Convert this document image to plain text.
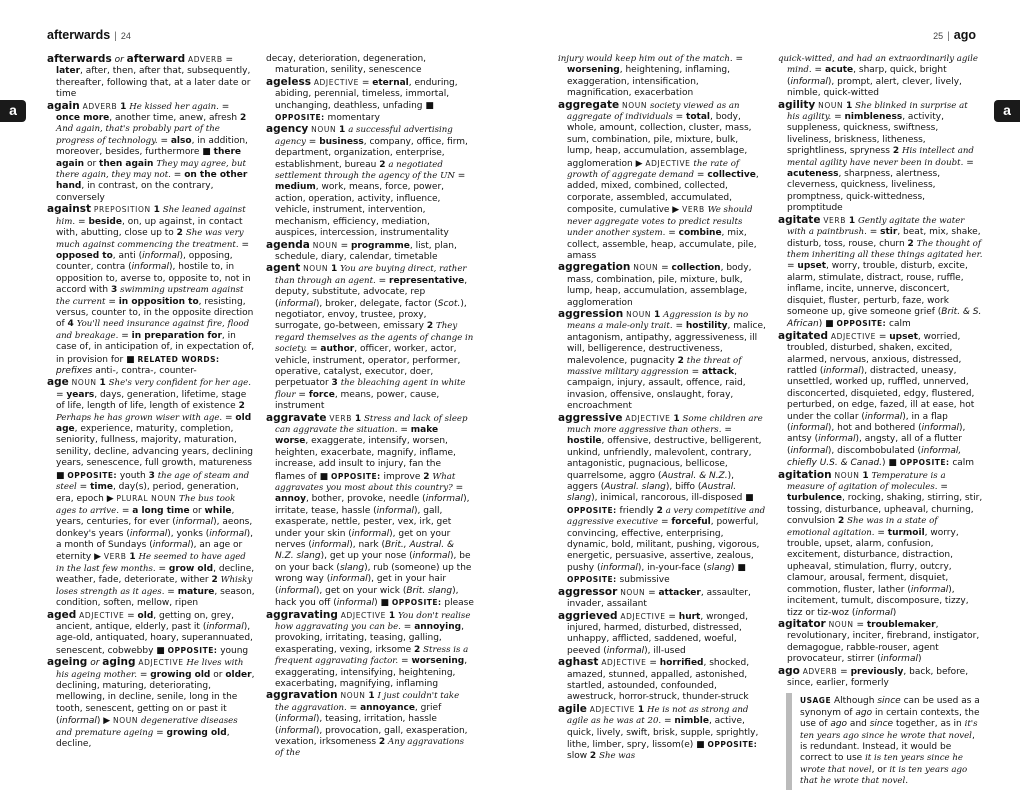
afterwards | 24
a
afterwards or afterward ADVERB = later, after, then, after that, subsequently, thereafter, following that, at a later date or time
again ADVERB 1 He kissed her again. = once more, another time, anew, afresh 2 And again, that's probably part of the progress of technology. = also, in addition, moreover, besides, furthermore ■ there again or then again They may agree, but there again, they may not. = on the other hand, in contrast, on the contrary, conversely
against PREPOSITION 1 She leaned against him. = beside, on, up against, in contact with, abutting, close up to 2 She was very much against commencing the treatment. = opposed to, anti (informal), opposing, counter, contra (informal), hostile to, in opposition to, averse to, opposite to, not in accord with 3 swimming upstream against the current = in opposition to, resisting, versus, counter to, in the opposite direction of 4 You'll need insurance against fire, flood and breakage. = in preparation for, in case of, in anticipation of, in expectation of, in provision for ■ RELATED WORDS: prefixes anti-, contra-, counter-
age NOUN 1 She's very confident for her age. = years, days, generation, lifetime, stage of life, length of life, length of existence 2 Perhaps he has grown wiser with age. = old age, experience, maturity, completion, seniority, fullness, majority, maturation, senility, decline, advancing years, declining years, senescence, full growth, matureness ■ OPPOSITE: youth 3 the age of steam and steel = time, day(s), period, generation, era, epoch ▶ PLURAL NOUN The bus took ages to arrive. = a long time or while, years, centuries, for ever (informal), aeons, donkey's years (informal), yonks (informal), a month of Sundays (informal), an age or eternity ▶ VERB 1 He seemed to have aged in the last few months. = grow old, decline, weather, fade, deteriorate, wither 2 Whisky loses strength as it ages. = mature, season, condition, soften, mellow, ripen
aged ADJECTIVE = old, getting on, grey, ancient, antique, elderly, past it (informal), age-old, antiquated, hoary, superannuated, senescent, cobwebby ■ OPPOSITE: young
ageing or aging ADJECTIVE He lives with his ageing mother. = growing old or older, declining, maturing, deteriorating, mellowing, in decline, senile, long in the tooth, senescent, getting on or past it (informal) ▶ NOUN degenerative diseases and premature ageing = growing old, decline,
decay, deterioration, degeneration, maturation, senility, senescence
ageless ADJECTIVE = eternal, enduring, abiding, perennial, timeless, immortal, unchanging, deathless, unfading ■ OPPOSITE: momentary
agency NOUN 1 a successful advertising agency = business, company, office, firm, department, organization, enterprise, establishment, bureau 2 a negotiated settlement through the agency of the UN = medium, work, means, force, power, action, operation, activity, influence, vehicle, instrument, intervention, mechanism, efficiency, mediation, auspices, intercession, instrumentality
agenda NOUN = programme, list, plan, schedule, diary, calendar, timetable
agent NOUN 1 You are buying direct, rather than through an agent. = representative, deputy, substitute, advocate, rep (informal), broker, delegate, factor (Scot.), negotiator, envoy, trustee, proxy, surrogate, go-between, emissary 2 They regard themselves as the agents of change in society. = author, officer, worker, actor, vehicle, instrument, operator, performer, operative, catalyst, executor, doer, perpetuator 3 the bleaching agent in white flour = force, means, power, cause, instrument
aggravate VERB 1 Stress and lack of sleep can aggravate the situation. = make worse, exaggerate, intensify, worsen, heighten, exacerbate, magnify, inflame, increase, add insult to injury, fan the flames of ■ OPPOSITE: improve 2 What aggravates you most about this country? = annoy, bother, provoke, needle (informal), irritate, tease, hassle (informal), gall, exasperate, nettle, pester, vex, irk, get under your skin (informal), get on your nerves (informal), nark (Brit., Austral. & N.Z. slang), get up your nose (informal), be on your back (slang), rub (someone) up the wrong way (informal), get in your hair (informal), get on your wick (Brit. slang), hack you off (informal) ■ OPPOSITE: please
aggravating ADJECTIVE 1 You don't realise how aggravating you can be. = annoying, provoking, irritating, teasing, galling, exasperating, vexing, irksome 2 Stress is a frequent aggravating factor. = worsening, exaggerating, intensifying, heightening, exacerbating, magnifying, inflaming
aggravation NOUN 1 I just couldn't take the aggravation. = annoyance, grief (informal), teasing, irritation, hassle (informal), provocation, gall, exasperation, vexation, irksomeness 2 Any aggravations of the
25 | ago
a
injury would keep him out of the match. = worsening, heightening, inflaming, exaggeration, intensification, magnification, exacerbation
aggregate NOUN society viewed as an aggregate of individuals = total, body, whole, amount, collection, cluster, mass, sum, combination, pile, mixture, bulk, lump, heap, accumulation, assemblage, agglomeration ▶ ADJECTIVE the rate of growth of aggregate demand = collective, added, mixed, combined, collected, corporate, assembled, accumulated, composite, cumulative ▶ VERB We should never aggregate votes to predict results under another system. = combine, mix, collect, assemble, heap, accumulate, pile, amass
aggregation NOUN = collection, body, mass, combination, pile, mixture, bulk, lump, heap, accumulation, assemblage, agglomeration
aggression NOUN 1 Aggression is by no means a male-only trait. = hostility, malice, antagonism, antipathy, aggressiveness, ill will, belligerence, destructiveness, malevolence, pugnacity 2 the threat of massive military aggression = attack, campaign, injury, assault, offence, raid, invasion, offensive, onslaught, foray, encroachment
aggressive ADJECTIVE 1 Some children are much more aggressive than others. = hostile, offensive, destructive, belligerent, unkind, unfriendly, malevolent, contrary, antagonistic, pugnacious, bellicose, quarrelsome, aggro (Austral. & N.Z.), aggers (Austral. slang), biffo (Austral. slang), inimical, rancorous, ill-disposed ■ OPPOSITE: friendly 2 a very competitive and aggressive executive = forceful, powerful, convincing, effective, enterprising, dynamic, bold, militant, pushing, vigorous, energetic, persuasive, assertive, zealous, pushy (informal), in-your-face (slang) ■ OPPOSITE: submissive
aggressor NOUN = attacker, assaulter, invader, assailant
aggrieved ADJECTIVE = hurt, wronged, injured, harmed, disturbed, distressed, unhappy, afflicted, saddened, woeful, peeved (informal), ill-used
aghast ADJECTIVE = horrified, shocked, amazed, stunned, appalled, astonished, startled, astounded, confounded, awestruck, horror-struck, thunder-struck
agile ADJECTIVE 1 He is not as strong and agile as he was at 20. = nimble, active, quick, lively, swift, brisk, supple, sprightly, lithe, limber, spry, lissom(e) ■ OPPOSITE: slow 2 She was
quick-witted, and had an extraordinarily agile mind. = acute, sharp, quick, bright (informal), prompt, alert, clever, lively, nimble, quick-witted
agility NOUN 1 She blinked in surprise at his agility. = nimbleness, activity, suppleness, quickness, swiftness, liveliness, briskness, litheness, sprightliness, spryness 2 His intellect and mental agility have never been in doubt. = acuteness, sharpness, alertness, cleverness, quickness, liveliness, promptness, quick-wittedness, promptitude
agitate VERB 1 Gently agitate the water with a paintbrush. = stir, beat, mix, shake, disturb, toss, rouse, churn 2 The thought of them inheriting all these things agitated her. = upset, worry, trouble, disturb, excite, alarm, stimulate, distract, rouse, ruffle, inflame, incite, unnerve, disconcert, disquiet, fluster, perturb, faze, work someone up, give someone grief (Brit. & S. African) ■ OPPOSITE: calm
agitated ADJECTIVE = upset, worried, troubled, disturbed, shaken, excited, alarmed, nervous, anxious, distressed, rattled (informal), distracted, uneasy, unsettled, worked up, ruffled, unnerved, disconcerted, disquieted, edgy, flustered, perturbed, on edge, fazed, ill at ease, hot under the collar (informal), in a flap (informal), hot and bothered (informal), antsy (informal), angsty, all of a flutter (informal), discombobulated (informal, chiefly U.S. & Canad.) ■ OPPOSITE: calm
agitation NOUN 1 Temperature is a measure of agitation of molecules. = turbulence, rocking, shaking, stirring, stir, tossing, disturbance, upheaval, churning, convulsion 2 She was in a state of emotional agitation. = turmoil, worry, trouble, upset, alarm, confusion, excitement, disturbance, distraction, upheaval, stimulation, flurry, outcry, clamour, arousal, ferment, disquiet, commotion, fluster, lather (informal), incitement, tumult, discomposure, tizzy, tizz or tiz-woz (informal)
agitator NOUN = troublemaker, revolutionary, inciter, firebrand, instigator, demagogue, rabble-rouser, agent provocateur, stirrer (informal)
ago ADVERB = previously, back, before, since, earlier, formerly
USAGE Although since can be used as a synonym of ago in certain contexts, the use of ago and since together, as in it's ten years ago since he wrote that novel, is redundant. Instead, it would be correct to use it is ten years since he wrote that novel, or it is ten years ago that he wrote that novel.
